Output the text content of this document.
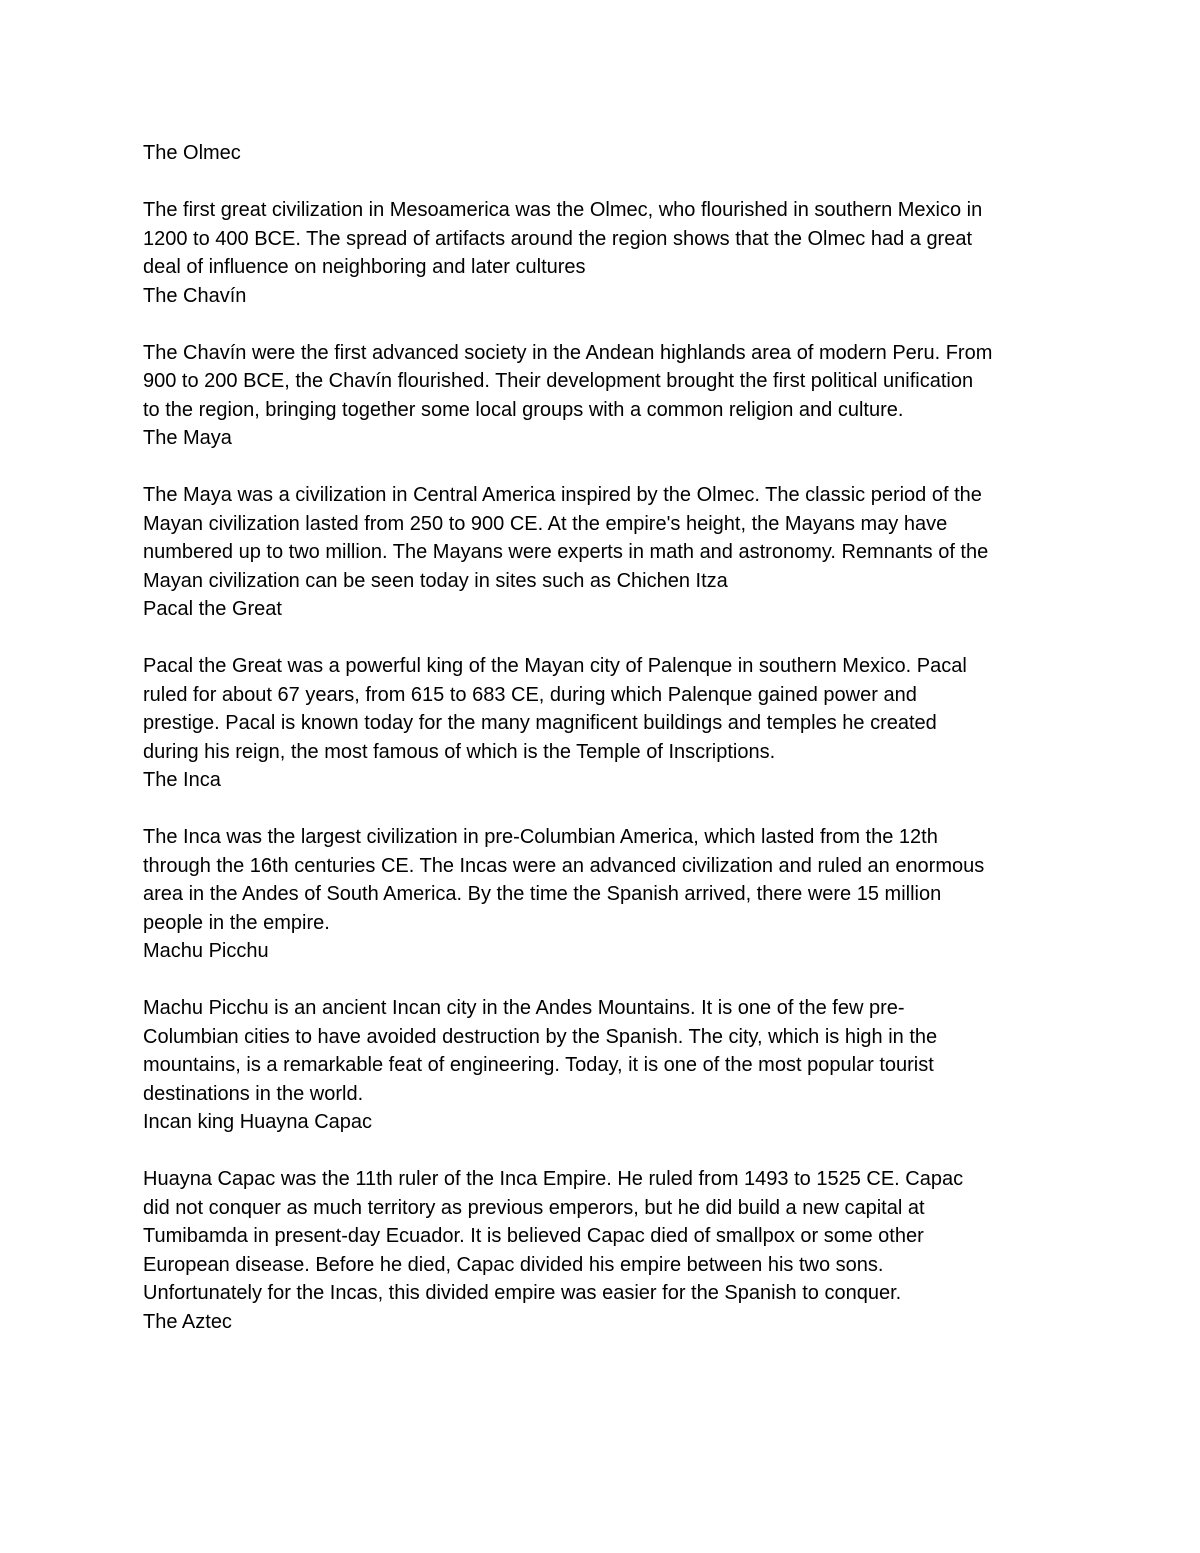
The Olmec
The first great civilization in Mesoamerica was the Olmec, who flourished in southern Mexico in
1200 to 400 BCE. The spread of artifacts around the region shows that the Olmec had a great
deal of influence on neighboring and later cultures
The Chavín
The Chavín were the first advanced society in the Andean highlands area of modern Peru. From
900 to 200 BCE, the Chavín flourished. Their development brought the first political unification
to the region, bringing together some local groups with a common religion and culture.
The Maya
The Maya was a civilization in Central America inspired by the Olmec. The classic period of the
Mayan civilization lasted from 250 to 900 CE. At the empire's height, the Mayans may have
numbered up to two million. The Mayans were experts in math and astronomy. Remnants of the
Mayan civilization can be seen today in sites such as Chichen Itza
Pacal the Great
Pacal the Great was a powerful king of the Mayan city of Palenque in southern Mexico. Pacal
ruled for about 67 years, from 615 to 683 CE, during which Palenque gained power and
prestige. Pacal is known today for the many magnificent buildings and temples he created
during his reign, the most famous of which is the Temple of Inscriptions.
The Inca
The Inca was the largest civilization in pre-Columbian America, which lasted from the 12th
through the 16th centuries CE. The Incas were an advanced civilization and ruled an enormous
area in the Andes of South America. By the time the Spanish arrived, there were 15 million
people in the empire.
Machu Picchu
Machu Picchu is an ancient Incan city in the Andes Mountains. It is one of the few pre-
Columbian cities to have avoided destruction by the Spanish. The city, which is high in the
mountains, is a remarkable feat of engineering. Today, it is one of the most popular tourist
destinations in the world.
Incan king Huayna Capac
Huayna Capac was the 11th ruler of the Inca Empire. He ruled from 1493 to 1525 CE. Capac
did not conquer as much territory as previous emperors, but he did build a new capital at
Tumibamda in present-day Ecuador. It is believed Capac died of smallpox or some other
European disease. Before he died, Capac divided his empire between his two sons.
Unfortunately for the Incas, this divided empire was easier for the Spanish to conquer.
The Aztec
